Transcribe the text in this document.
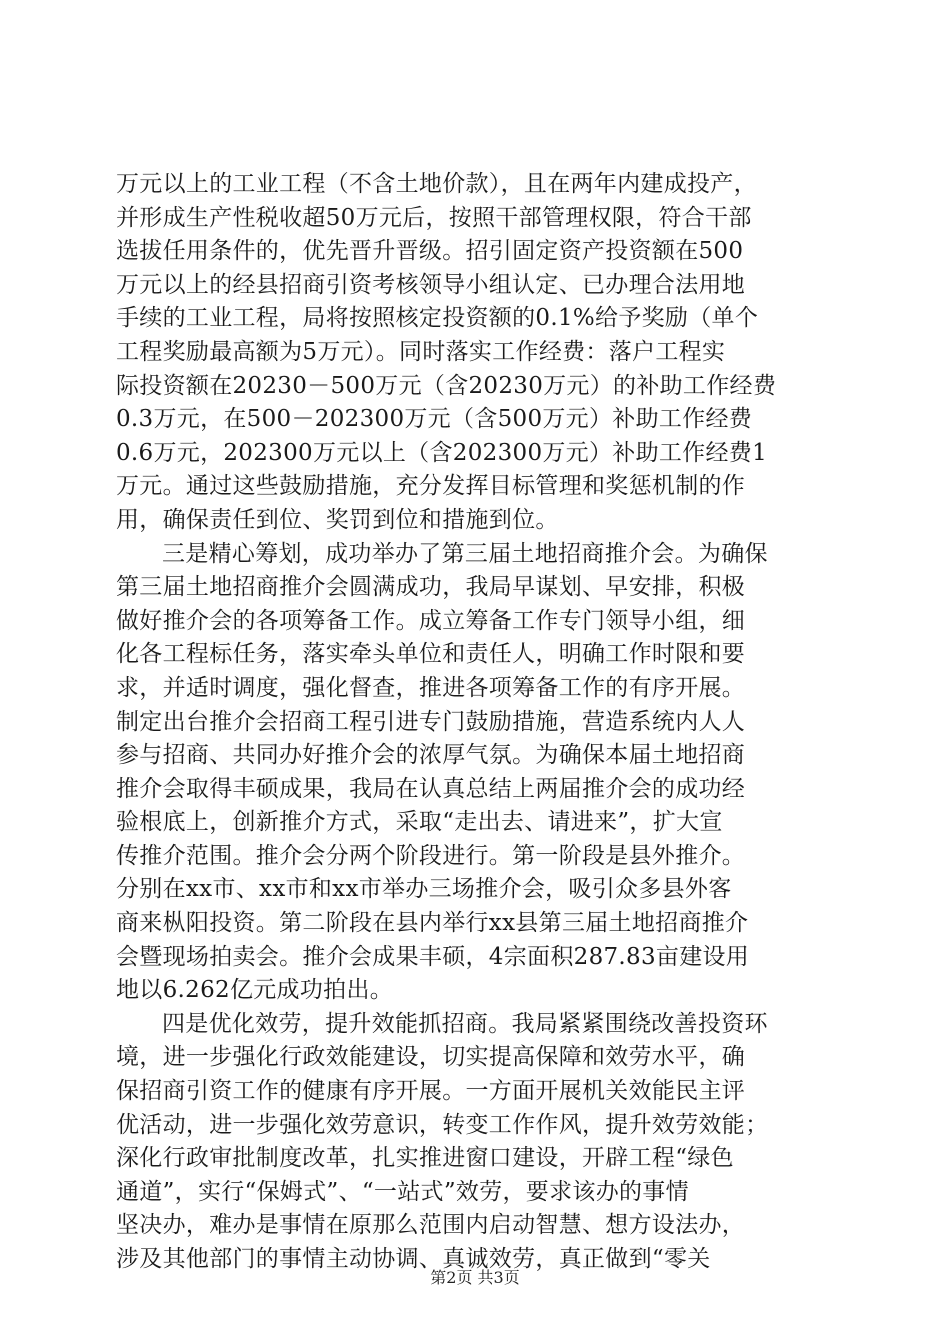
万元以上的工业工程（不含土地价款），且在两年内建成投产，
并形成生产性税收超50万元后，按照干部管理权限，符合干部
选拔任用条件的，优先晋升晋级。招引固定资产投资额在500
万元以上的经县招商引资考核领导小组认定、已办理合法用地
手续的工业工程，局将按照核定投资额的0.1%给予奖励（单个
工程奖励最高额为5万元）。同时落实工作经费：落户工程实
际投资额在20230－500万元（含20230万元）的补助工作经费
0.3万元，在500－202300万元（含500万元）补助工作经费
0.6万元，202300万元以上（含202300万元）补助工作经费1
万元。通过这些鼓励措施，充分发挥目标管理和奖惩机制的作
用，确保责任到位、奖罚到位和措施到位。
三是精心筹划，成功举办了第三届土地招商推介会。为确保
第三届土地招商推介会圆满成功，我局早谋划、早安排，积极
做好推介会的各项筹备工作。成立筹备工作专门领导小组，细
化各工程标任务，落实牵头单位和责任人，明确工作时限和要
求，并适时调度，强化督查，推进各项筹备工作的有序开展。
制定出台推介会招商工程引进专门鼓励措施，营造系统内人人
参与招商、共同办好推介会的浓厚气氛。为确保本届土地招商
推介会取得丰硕成果，我局在认真总结上两届推介会的成功经
验根底上，创新推介方式，采取“走出去、请进来”，扩大宣
传推介范围。推介会分两个阶段进行。第一阶段是县外推介。
分别在xx市、xx市和xx市举办三场推介会，吸引众多县外客
商来枞阳投资。第二阶段在县内举行xx县第三届土地招商推介
会暨现场拍卖会。推介会成果丰硕，4宗面积287.83亩建设用
地以6.262亿元成功拍出。
四是优化效劳，提升效能抓招商。我局紧紧围绕改善投资环
境，进一步强化行政效能建设，切实提高保障和效劳水平，确
保招商引资工作的健康有序开展。一方面开展机关效能民主评
优活动，进一步强化效劳意识，转变工作作风，提升效劳效能；
深化行政审批制度改革，扎实推进窗口建设，开辟工程“绿色
通道”，实行“保姆式”、“一站式”效劳，要求该办的事情
坚决办，难办是事情在原那么范围内启动智慧、想方设法办，
涉及其他部门的事情主动协调、真诚效劳，真正做到“零关
第2页 共3页
